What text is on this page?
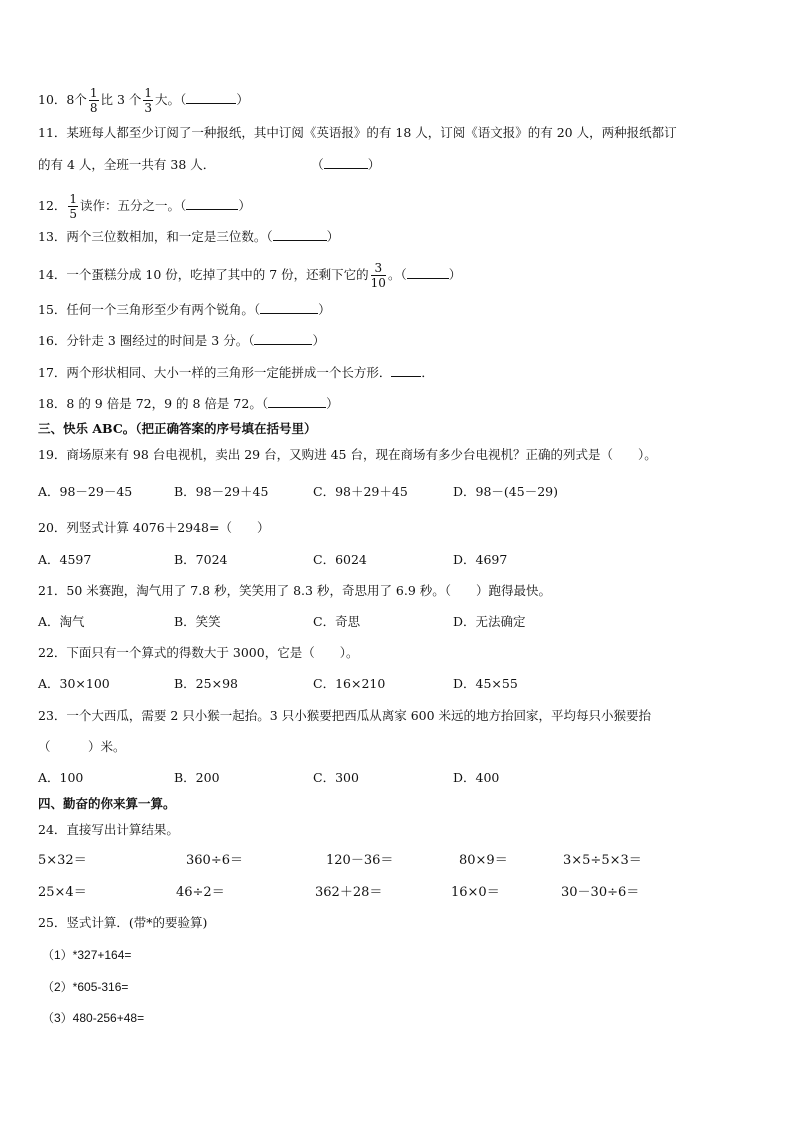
10．8个 $\frac{1}{8}$ 比 3 个 $\frac{1}{3}$ 大。（	）
11．某班每人都至少订阅了一种报纸，其中订阅《英语报》的有 18 人，订阅《语文报》的有 20 人，两种报纸都订
的有 4 人，全班一共有 38 人．	（	）
12． $\frac{1}{5}$ 读作：五分之一。（	）
13．两个三位数相加，和一定是三位数。（	）
14．一个蛋糕分成 10 份，吃掉了其中的 7 份，还剩下它的 $\frac{3}{10}$ 。（	）
15．任何一个三角形至少有两个锐角。（	）
16．分针走 3 圈经过的时间是 3 分。（	）
17．两个形状相同、大小一样的三角形一定能拼成一个长方形． ．
18．8 的 9 倍是 72，9 的 8 倍是 72。（	）
三、快乐 ABC。（把正确答案的序号填在括号里）
19．商场原来有 98 台电视机，卖出 29 台，又购进 45 台，现在商场有多少台电视机？正确的列式是（　　）。
A．98－29－45	B．98－29＋45	C．98＋29＋45	D．98－(45－29)
20．列竖式计算 4076＋2948=（　　）
A．4597	B．7024	C．6024	D．4697
21．50 米赛跑，淘气用了 7.8 秒，笑笑用了 8.3 秒，奇思用了 6.9 秒。（　　）跑得最快。
A．淘气	B．笑笑	C．奇思	D．无法确定
22．下面只有一个算式的得数大于 3000，它是（　　）。
A．30×100	B．25×98	C．16×210	D．45×55
23．一个大西瓜，需要 2 只小猴一起抬。3 只小猴要把西瓜从离家 600 米远的地方抬回家，平均每只小猴要抬
（　　　）米。
A．100	B．200	C．300	D．400
四、勤奋的你来算一算。
24．直接写出计算结果。
5×32＝	360÷6＝	120－36＝	80×9＝	3×5÷5×3＝
25×4＝	46÷2＝	362＋28＝	16×0＝	30－30÷6＝
25．竖式计算．(带*的要验算)
（1）*327+164=
（2）*605-316=
（3）480-256+48=
